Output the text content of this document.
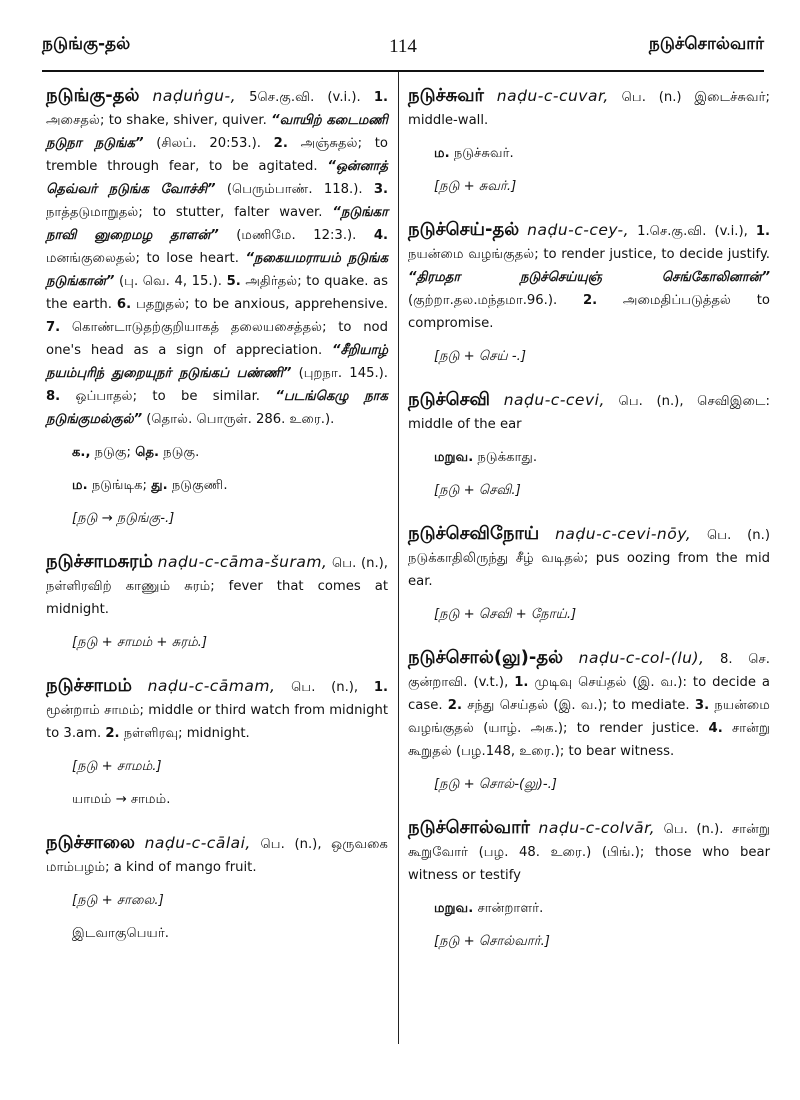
நடுங்கு-தல்	114	நடுச்சொல்வார்

நடுங்கு-தல் naḍuṅgu-, 5செ.கு.வி. (v.i.). 1. அசைதல்; to shake, shiver, quiver. “வாயிற் கடைமணி நடுநா நடுங்க” (சிலப். 20:53.). 2. அஞ்சுதல்; to tremble through fear, to be agitated. “ஒன்னாத் தெவ்வர் நடுங்க வோச்சி” (பெரும்பாண். 118.). 3. நாத்தடுமாறுதல்; to stutter, falter waver. “நடுங்கா நாவி னுறைமழ தாளன்” (மணிமே. 12:3.). 4. மனங்குலைதல்; to lose heart. “நகையமராயம் நடுங்க நடுங்கான்” (பு. வெ. 4, 15.). 5. அதிர்தல்; to quake. as the earth. 6. பதறுதல்; to be anxious, apprehensive. 7. கொண்டாடுதற்குறியாகத் தலையசைத்தல்; to nod one's head as a sign of appreciation. “சீறியாழ் நயம்புரிந் துறையுநர் நடுங்கப் பண்ணி” (புறநா. 145.). 8. ஒப்பாதல்; to be similar. “படங்கெழு நாக நடுங்குமல்குல்” (தொல். பொருள். 286. உரை.).

க., நடுகு; தெ. நடுகு.
ம. நடுங்டிக; து. நடுகுணி.
[நடு → நடுங்கு-.]

நடுச்சாமசுரம் naḍu-c-cāma-šuram, பெ. (n.), நள்ளிரவிற் காணும் சுரம்; fever that comes at midnight.

[நடு + சாமம் + சுரம்.]

நடுச்சாமம் naḍu-c-cāmam, பெ. (n.), 1. மூன்றாம் சாமம்; middle or third watch from midnight to 3.am. 2. நள்ளிரவு; midnight.

[நடு + சாமம்.]
யாமம் → சாமம்.

நடுச்சாலை naḍu-c-cālai, பெ. (n.), ஒருவகை மாம்பழம்; a kind of mango fruit.

[நடு + சாலை.]
இடவாகுபெயர்.

நடுச்சுவர் naḍu-c-cuvar, பெ. (n.) இடைச்சுவர்; middle-wall.

ம. நடுச்சுவர்.
[நடு + சுவர்.]

நடுச்செய்-தல் naḍu-c-cey-, 1.செ.கு.வி. (v.i.), 1. நயன்மை வழங்குதல்; to render justice, to decide justify. “திரமதா நடுச்செய்யுஞ் செங்கோலினான்” (குற்றா.தல.மந்தமா.96.). 2. அமைதிப்படுத்தல் to compromise.

[நடு + செய் -.]

நடுச்செவி naḍu-c-cevi, பெ. (n.), செவிஇடை: middle of the ear

மறுவ. நடுக்காது.
[நடு + செவி.]

நடுச்செவிநோய் naḍu-c-cevi-nōy, பெ. (n.) நடுக்காதிலிருந்து சீழ் வடிதல்; pus oozing from the mid ear.

[நடு + செவி + நோய்.]

நடுச்சொல்(லு)-தல் naḍu-c-col-(lu), 8. செ. குன்றாவி. (v.t.), 1. முடிவு செய்தல் (இ. வ.): to decide a case. 2. சந்து செய்தல் (இ. வ.); to mediate. 3. நயன்மை வழங்குதல் (யாழ். அக.); to render justice. 4. சான்று கூறுதல் (பழ.148, உரை.); to bear witness.

[நடு + சொல்-(லு)-.]

நடுச்சொல்வார் naḍu-c-colvār, பெ. (n.). சான்று கூறுவோர் (பழ. 48. உரை.) (பிங்.); those who bear witness or testify

மறுவ. சான்றாளர்.
[நடு + சொல்வார்.]
